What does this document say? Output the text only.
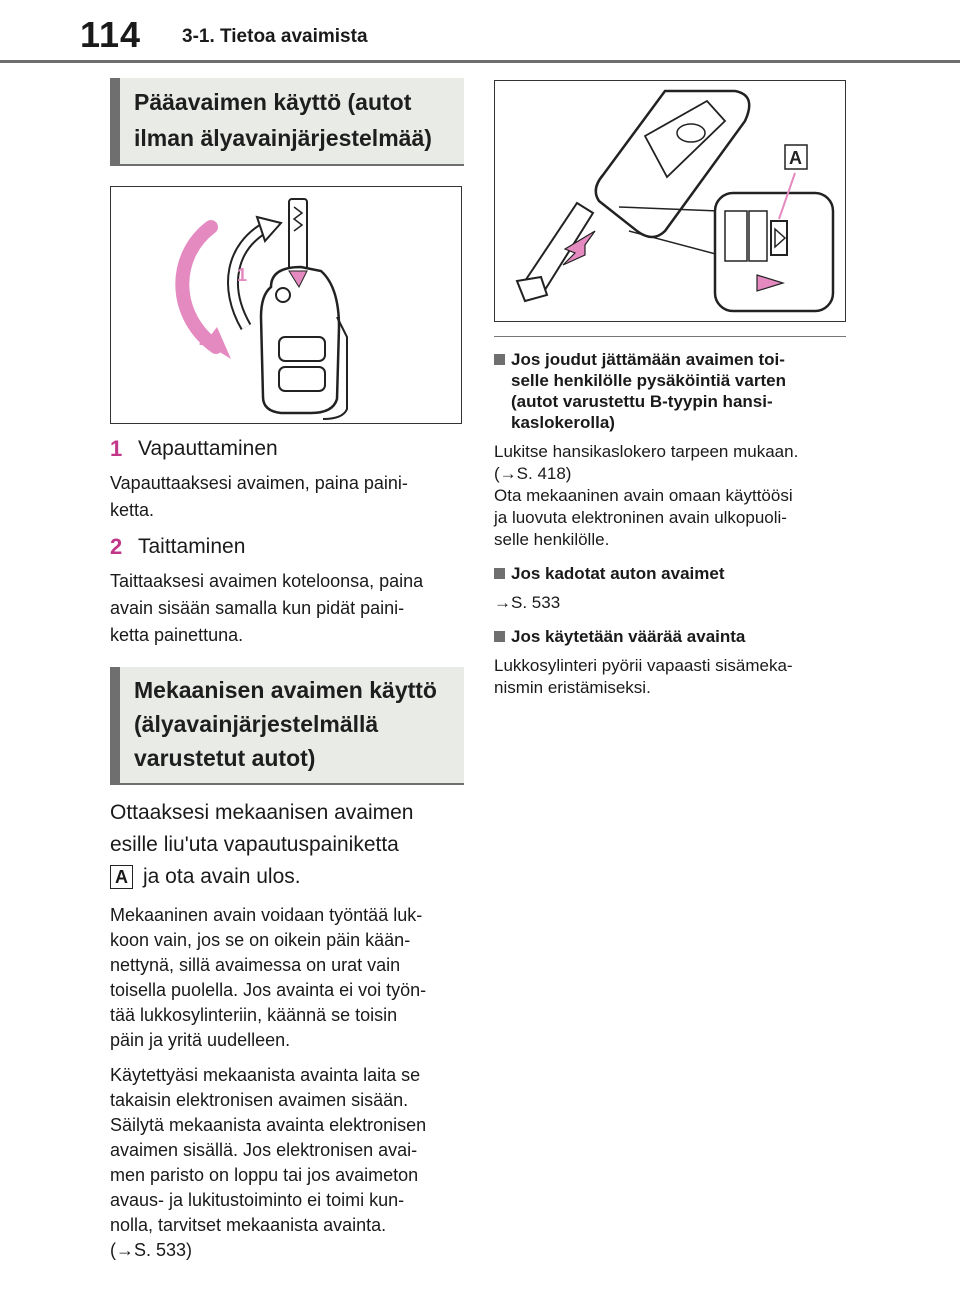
114 3-1. Tietoa avaimista
Pääavaimen käyttö (autot ilman älyavainjärjestelmää)
1
2
1 Vapauttaminen
Vapauttaaksesi avaimen, paina paini-
ketta.
2 Taittaminen
Taittaaksesi avaimen koteloonsa, paina
avain sisään samalla kun pidät paini-
ketta painettuna.
Mekaanisen avaimen käyttö (älyavainjärjestelmällä varustetut autot)
Ottaaksesi mekaanisen avaimen
esille liu'uta vapautuspainiketta
A ja ota avain ulos.
Mekaaninen avain voidaan työntää luk-
koon vain, jos se on oikein päin kään-
nettynä, sillä avaimessa on urat vain
toisella puolella. Jos avainta ei voi työn-
tää lukkosylinteriin, käännä se toisin
päin ja yritä uudelleen.
Käytettyäsi mekaanista avainta laita se
takaisin elektronisen avaimen sisään.
Säilytä mekaanista avainta elektronisen
avaimen sisällä. Jos elektronisen avai-
men paristo on loppu tai jos avaimeton
avaus- ja lukitustoiminto ei toimi kun-
nolla, tarvitset mekaanista avainta.
(→S. 533)
A
Jos joudut jättämään avaimen toi-
selle henkilölle pysäköintiä varten
(autot varustettu B-tyypin hansi-
kaslokerolla)
Lukitse hansikaslokero tarpeen mukaan.
(→S. 418)
Ota mekaaninen avain omaan käyttöösi
ja luovuta elektroninen avain ulkopuoli-
selle henkilölle.
Jos kadotat auton avaimet
→S. 533
Jos käytetään väärää avainta
Lukkosylinteri pyörii vapaasti sisämeka-
nismin eristämiseksi.
